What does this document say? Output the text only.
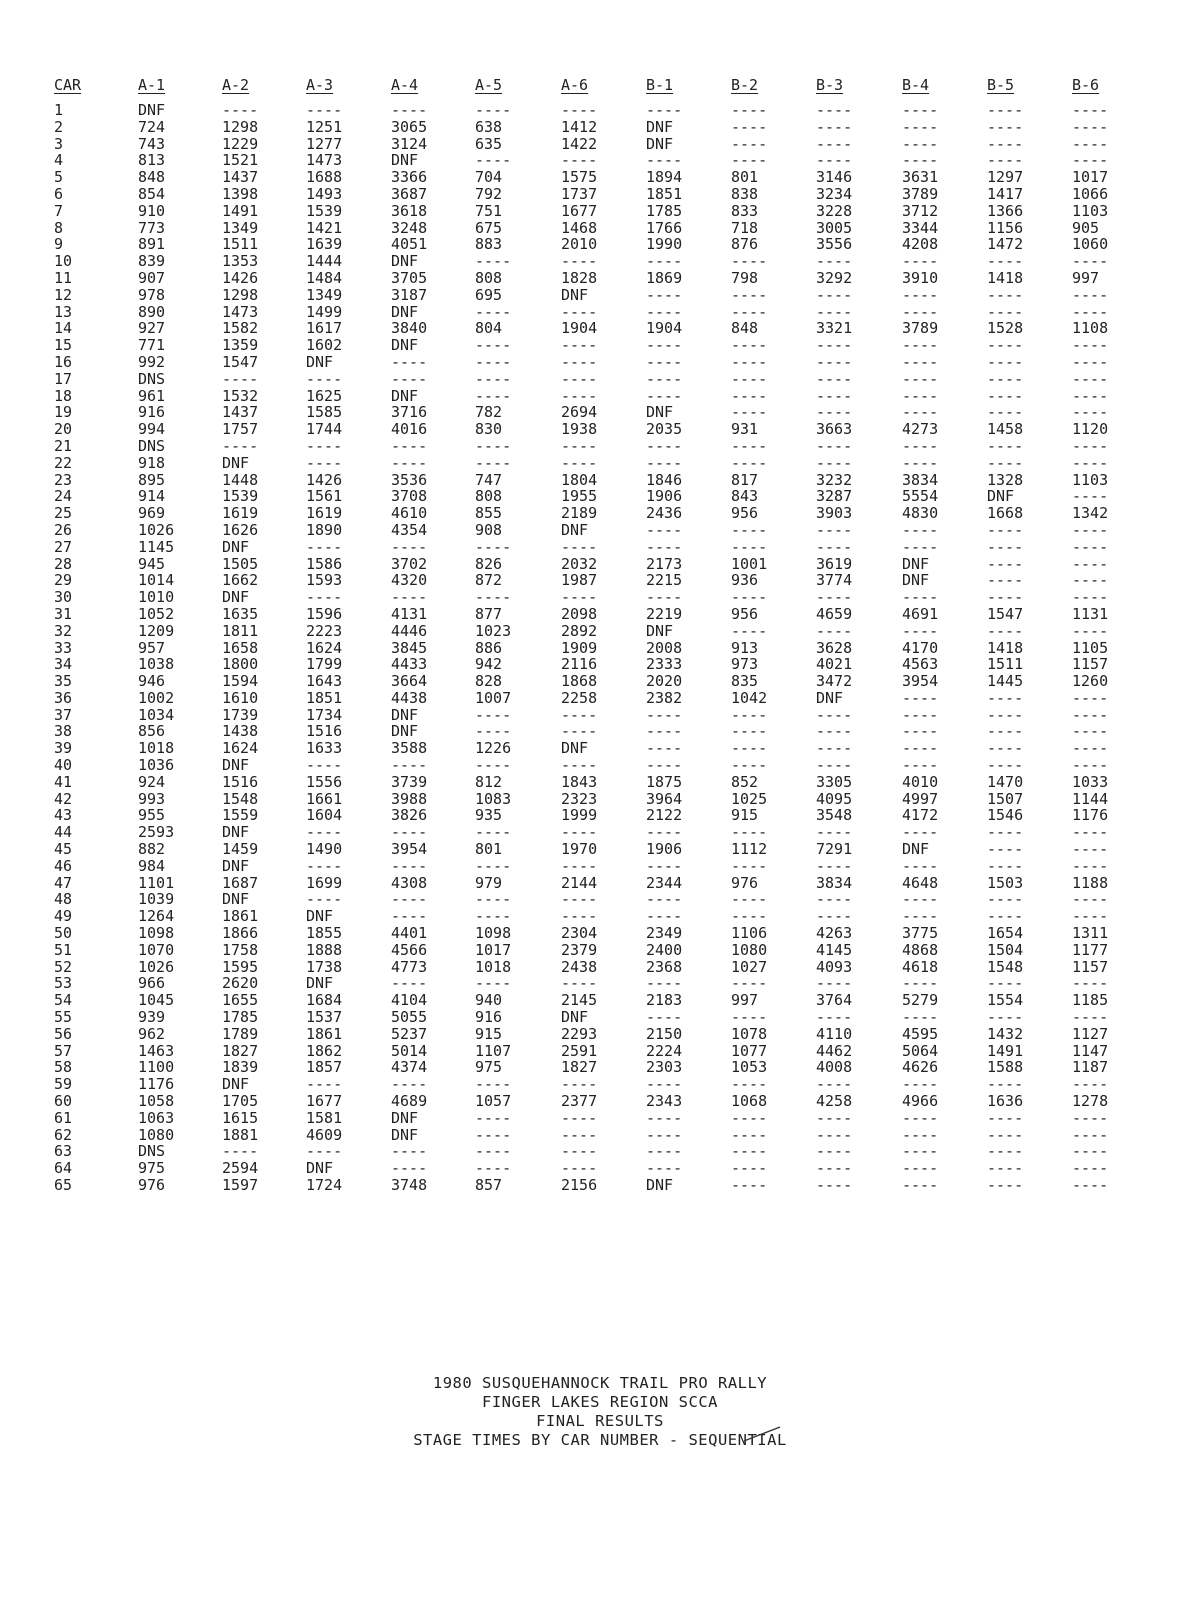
CAR	A-1	A-2	A-3	A-4	A-5	A-6	B-1	B-2	B-3	B-4	B-5	B-6
1	DNF	----	----	----	----	----	----	----	----	----	----	----
2	724	1298	1251	3065	638	1412	DNF	----	----	----	----	----
3	743	1229	1277	3124	635	1422	DNF	----	----	----	----	----
4	813	1521	1473	DNF	----	----	----	----	----	----	----	----
5	848	1437	1688	3366	704	1575	1894	801	3146	3631	1297	1017
6	854	1398	1493	3687	792	1737	1851	838	3234	3789	1417	1066
7	910	1491	1539	3618	751	1677	1785	833	3228	3712	1366	1103
8	773	1349	1421	3248	675	1468	1766	718	3005	3344	1156	905
9	891	1511	1639	4051	883	2010	1990	876	3556	4208	1472	1060
10	839	1353	1444	DNF	----	----	----	----	----	----	----	----
11	907	1426	1484	3705	808	1828	1869	798	3292	3910	1418	997
12	978	1298	1349	3187	695	DNF	----	----	----	----	----	----
13	890	1473	1499	DNF	----	----	----	----	----	----	----	----
14	927	1582	1617	3840	804	1904	1904	848	3321	3789	1528	1108
15	771	1359	1602	DNF	----	----	----	----	----	----	----	----
16	992	1547	DNF	----	----	----	----	----	----	----	----	----
17	DNS	----	----	----	----	----	----	----	----	----	----	----
18	961	1532	1625	DNF	----	----	----	----	----	----	----	----
19	916	1437	1585	3716	782	2694	DNF	----	----	----	----	----
20	994	1757	1744	4016	830	1938	2035	931	3663	4273	1458	1120
21	DNS	----	----	----	----	----	----	----	----	----	----	----
22	918	DNF	----	----	----	----	----	----	----	----	----	----
23	895	1448	1426	3536	747	1804	1846	817	3232	3834	1328	1103
24	914	1539	1561	3708	808	1955	1906	843	3287	5554	DNF	----
25	969	1619	1619	4610	855	2189	2436	956	3903	4830	1668	1342
26	1026	1626	1890	4354	908	DNF	----	----	----	----	----	----
27	1145	DNF	----	----	----	----	----	----	----	----	----	----
28	945	1505	1586	3702	826	2032	2173	1001	3619	DNF	----	----
29	1014	1662	1593	4320	872	1987	2215	936	3774	DNF	----	----
30	1010	DNF	----	----	----	----	----	----	----	----	----	----
31	1052	1635	1596	4131	877	2098	2219	956	4659	4691	1547	1131
32	1209	1811	2223	4446	1023	2892	DNF	----	----	----	----	----
33	957	1658	1624	3845	886	1909	2008	913	3628	4170	1418	1105
34	1038	1800	1799	4433	942	2116	2333	973	4021	4563	1511	1157
35	946	1594	1643	3664	828	1868	2020	835	3472	3954	1445	1260
36	1002	1610	1851	4438	1007	2258	2382	1042	DNF	----	----	----
37	1034	1739	1734	DNF	----	----	----	----	----	----	----	----
38	856	1438	1516	DNF	----	----	----	----	----	----	----	----
39	1018	1624	1633	3588	1226	DNF	----	----	----	----	----	----
40	1036	DNF	----	----	----	----	----	----	----	----	----	----
41	924	1516	1556	3739	812	1843	1875	852	3305	4010	1470	1033
42	993	1548	1661	3988	1083	2323	3964	1025	4095	4997	1507	1144
43	955	1559	1604	3826	935	1999	2122	915	3548	4172	1546	1176
44	2593	DNF	----	----	----	----	----	----	----	----	----	----
45	882	1459	1490	3954	801	1970	1906	1112	7291	DNF	----	----
46	984	DNF	----	----	----	----	----	----	----	----	----	----
47	1101	1687	1699	4308	979	2144	2344	976	3834	4648	1503	1188
48	1039	DNF	----	----	----	----	----	----	----	----	----	----
49	1264	1861	DNF	----	----	----	----	----	----	----	----	----
50	1098	1866	1855	4401	1098	2304	2349	1106	4263	3775	1654	1311
51	1070	1758	1888	4566	1017	2379	2400	1080	4145	4868	1504	1177
52	1026	1595	1738	4773	1018	2438	2368	1027	4093	4618	1548	1157
53	966	2620	DNF	----	----	----	----	----	----	----	----	----
54	1045	1655	1684	4104	940	2145	2183	997	3764	5279	1554	1185
55	939	1785	1537	5055	916	DNF	----	----	----	----	----	----
56	962	1789	1861	5237	915	2293	2150	1078	4110	4595	1432	1127
57	1463	1827	1862	5014	1107	2591	2224	1077	4462	5064	1491	1147
58	1100	1839	1857	4374	975	1827	2303	1053	4008	4626	1588	1187
59	1176	DNF	----	----	----	----	----	----	----	----	----	----
60	1058	1705	1677	4689	1057	2377	2343	1068	4258	4966	1636	1278
61	1063	1615	1581	DNF	----	----	----	----	----	----	----	----
62	1080	1881	4609	DNF	----	----	----	----	----	----	----	----
63	DNS	----	----	----	----	----	----	----	----	----	----	----
64	975	2594	DNF	----	----	----	----	----	----	----	----	----
65	976	1597	1724	3748	857	2156	DNF	----	----	----	----	----
1980 SUSQUEHANNOCK TRAIL PRO RALLY
FINGER LAKES REGION SCCA
FINAL RESULTS
STAGE TIMES BY CAR NUMBER - SEQUENTIAL
